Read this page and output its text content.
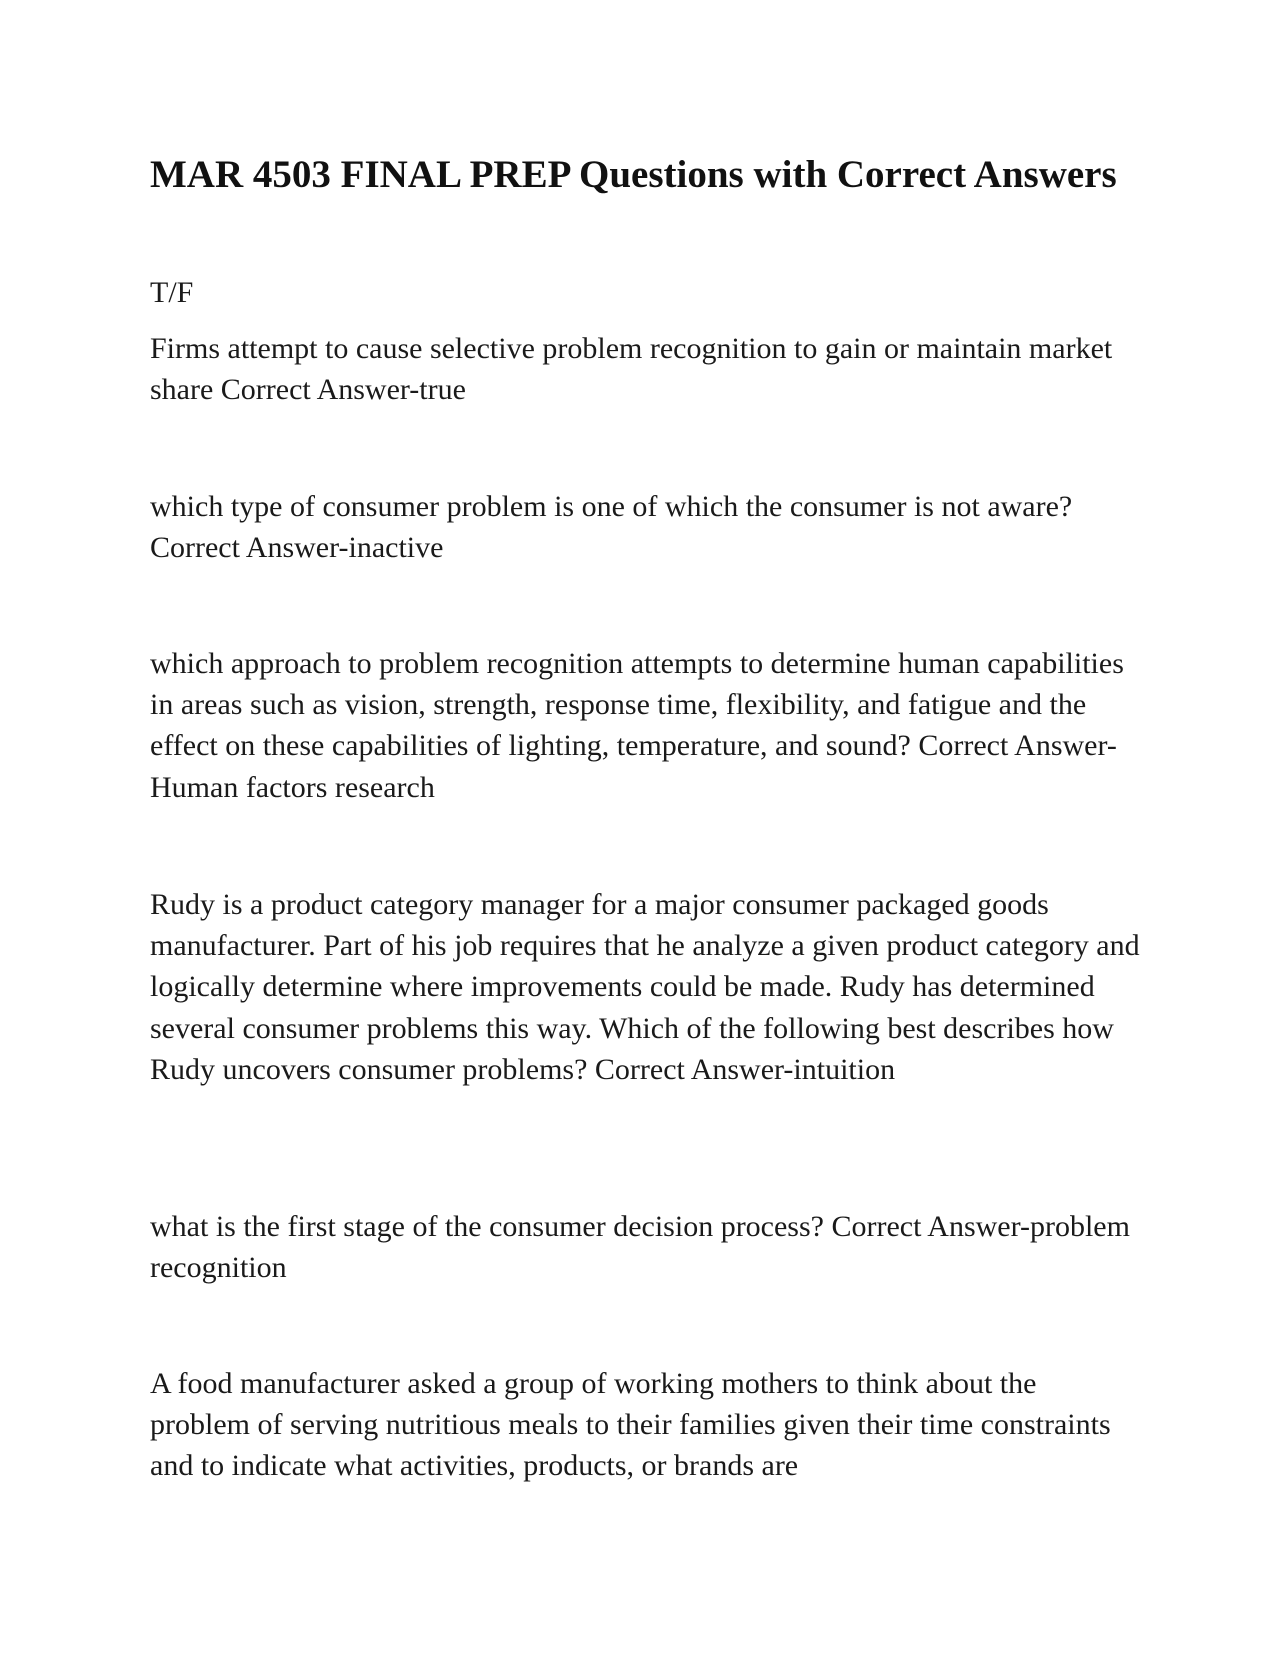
MAR 4503 FINAL PREP Questions with Correct Answers

T/F

Firms attempt to cause selective problem recognition to gain or maintain market share Correct Answer-true

which type of consumer problem is one of which the consumer is not aware? Correct Answer-inactive

which approach to problem recognition attempts to determine human capabilities in areas such as vision, strength, response time, flexibility, and fatigue and the effect on these capabilities of lighting, temperature, and sound? Correct Answer-Human factors research

Rudy is a product category manager for a major consumer packaged goods manufacturer. Part of his job requires that he analyze a given product category and logically determine where improvements could be made. Rudy has determined several consumer problems this way. Which of the following best describes how Rudy uncovers consumer problems? Correct Answer-intuition

what is the first stage of the consumer decision process? Correct Answer-problem recognition

A food manufacturer asked a group of working mothers to think about the problem of serving nutritious meals to their families given their time constraints and to indicate what activities, products, or brands are
